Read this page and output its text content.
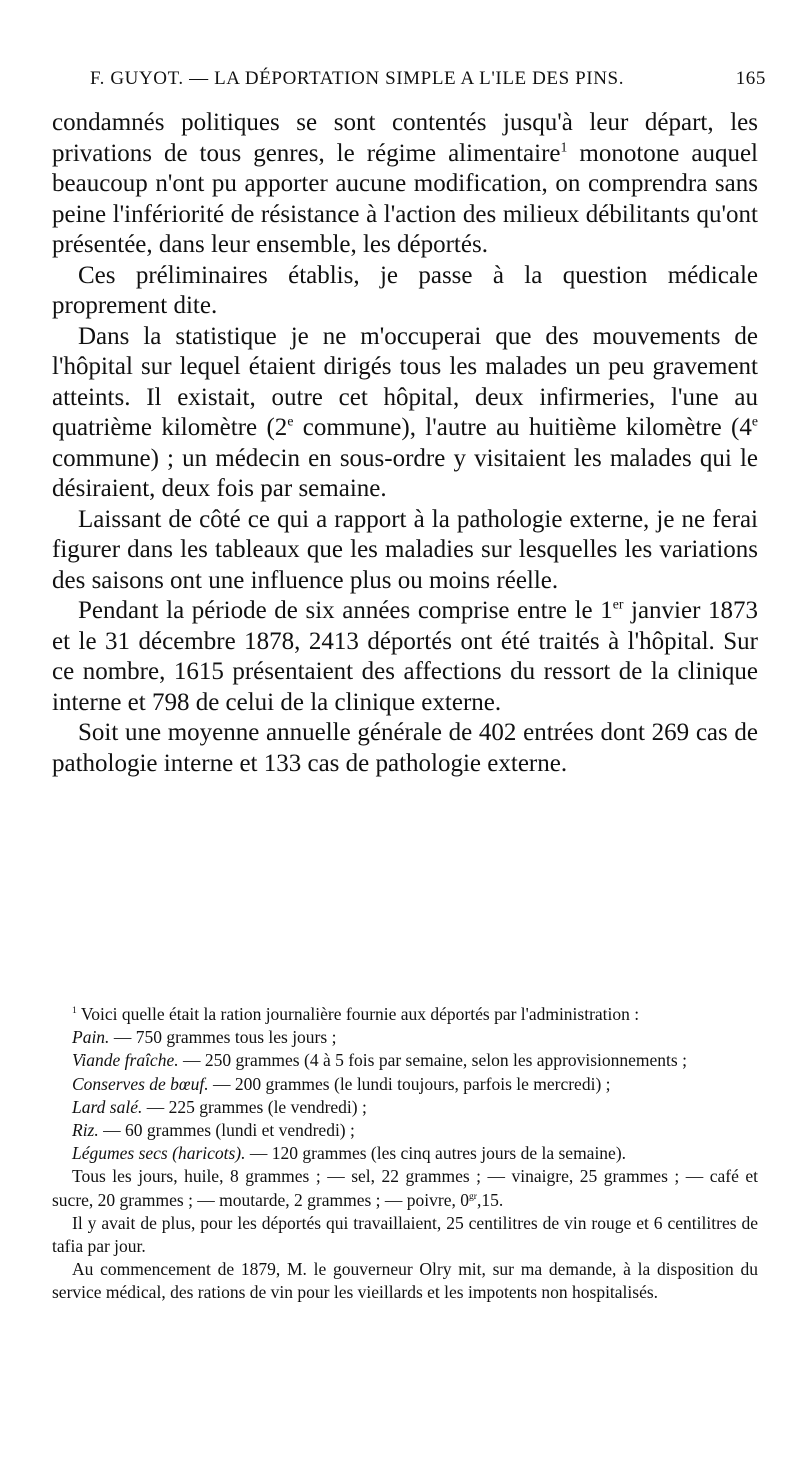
F. GUYOT. — LA DÉPORTATION SIMPLE A L'ILE DES PINS.	165

condamnés politiques se sont contentés jusqu'à leur départ, les privations de tous genres, le régime alimentaire$^1$ monotone auquel beaucoup n'ont pu apporter aucune modification, on comprendra sans peine l'infériorité de résistance à l'action des milieux débilitants qu'ont présentée, dans leur ensemble, les déportés.

Ces préliminaires établis, je passe à la question médicale proprement dite.

Dans la statistique je ne m'occuperai que des mouvements de l'hôpital sur lequel étaient dirigés tous les malades un peu gravement atteints. Il existait, outre cet hôpital, deux infirmeries, l'une au quatrième kilomètre (2e commune), l'autre au huitième kilomètre (4e commune) ; un médecin en sous-ordre y visitaient les malades qui le désiraient, deux fois par semaine.

Laissant de côté ce qui a rapport à la pathologie externe, je ne ferai figurer dans les tableaux que les maladies sur lesquelles les variations des saisons ont une influence plus ou moins réelle.

Pendant la période de six années comprise entre le 1er janvier 1873 et le 31 décembre 1878, 2413 déportés ont été traités à l'hôpital. Sur ce nombre, 1615 présentaient des affections du ressort de la clinique interne et 798 de celui de la clinique externe.

Soit une moyenne annuelle générale de 402 entrées dont 269 cas de pathologie interne et 133 cas de pathologie externe.

$^1$ Voici quelle était la ration journalière fournie aux déportés par l'administration :

Pain. — 750 grammes tous les jours ;

Viande fraîche. — 250 grammes (4 à 5 fois par semaine, selon les approvisionnements ;

Conserves de bœuf. — 200 grammes (le lundi toujours, parfois le mercredi) ;

Lard salé. — 225 grammes (le vendredi) ;

Riz. — 60 grammes (lundi et vendredi) ;

Légumes secs (haricots). — 120 grammes (les cinq autres jours de la semaine).

Tous les jours, huile, 8 grammes ; — sel, 22 grammes ; — vinaigre, 25 grammes ; — café et sucre, 20 grammes ; — moutarde, 2 grammes ; — poivre, $0^{gr},15$.

Il y avait de plus, pour les déportés qui travaillaient, 25 centilitres de vin rouge et 6 centilitres de tafia par jour.

Au commencement de 1879, M. le gouverneur Olry mit, sur ma demande, à la disposition du service médical, des rations de vin pour les vieillards et les impotents non hospitalisés.
